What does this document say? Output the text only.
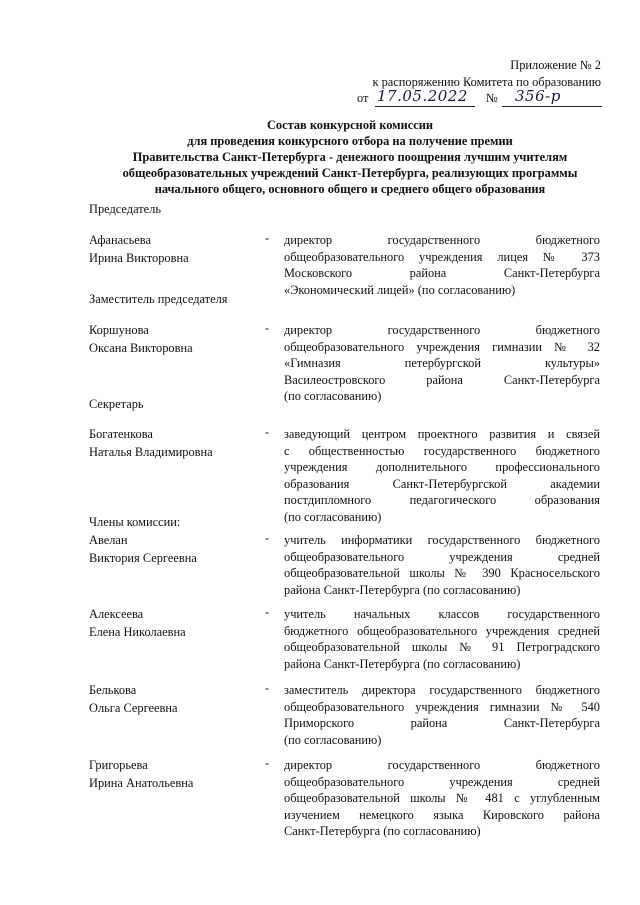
Приложение № 2
к распоряжению Комитета по образованию
от 17.05.2022 № 356-р
Состав конкурсной комиссии
для проведения конкурсного отбора на получение премии
Правительства Санкт-Петербурга - денежного поощрения лучшим учителям
общеобразовательных учреждений Санкт-Петербурга, реализующих программы
начального общего, основного общего и среднего общего образования
Председатель
Афанасьева
Ирина Викторовна
- директор государственного бюджетного
общеобразовательного учреждения лицея № 373
Московского района Санкт-Петербурга
«Экономический лицей» (по согласованию)
Заместитель председателя
Коршунова
Оксана Викторовна
- директор государственного бюджетного
общеобразовательного учреждения гимназии № 32
«Гимназия петербургской культуры»
Василеостровского района Санкт-Петербурга
(по согласованию)
Секретарь
Богатенкова
Наталья Владимировна
- заведующий центром проектного развития и связей
с общественностью государственного бюджетного
учреждения дополнительного профессионального
образования Санкт-Петербургской академии
постдипломного педагогического образования
(по согласованию)
Члены комиссии:
Авелан
Виктория Сергеевна
- учитель информатики государственного бюджетного
общеобразовательного учреждения средней
общеобразовательной школы № 390 Красносельского
района Санкт-Петербурга (по согласованию)
Алексеева
Елена Николаевна
- учитель начальных классов государственного
бюджетного общеобразовательного учреждения средней
общеобразовательной школы № 91 Петроградского
района Санкт-Петербурга (по согласованию)
Белькова
Ольга Сергеевна
- заместитель директора государственного бюджетного
общеобразовательного учреждения гимназии № 540
Приморского района Санкт-Петербурга
(по согласованию)
Григорьева
Ирина Анатольевна
- директор государственного бюджетного
общеобразовательного учреждения средней
общеобразовательной школы № 481 с углубленным
изучением немецкого языка Кировского района
Санкт-Петербурга (по согласованию)
